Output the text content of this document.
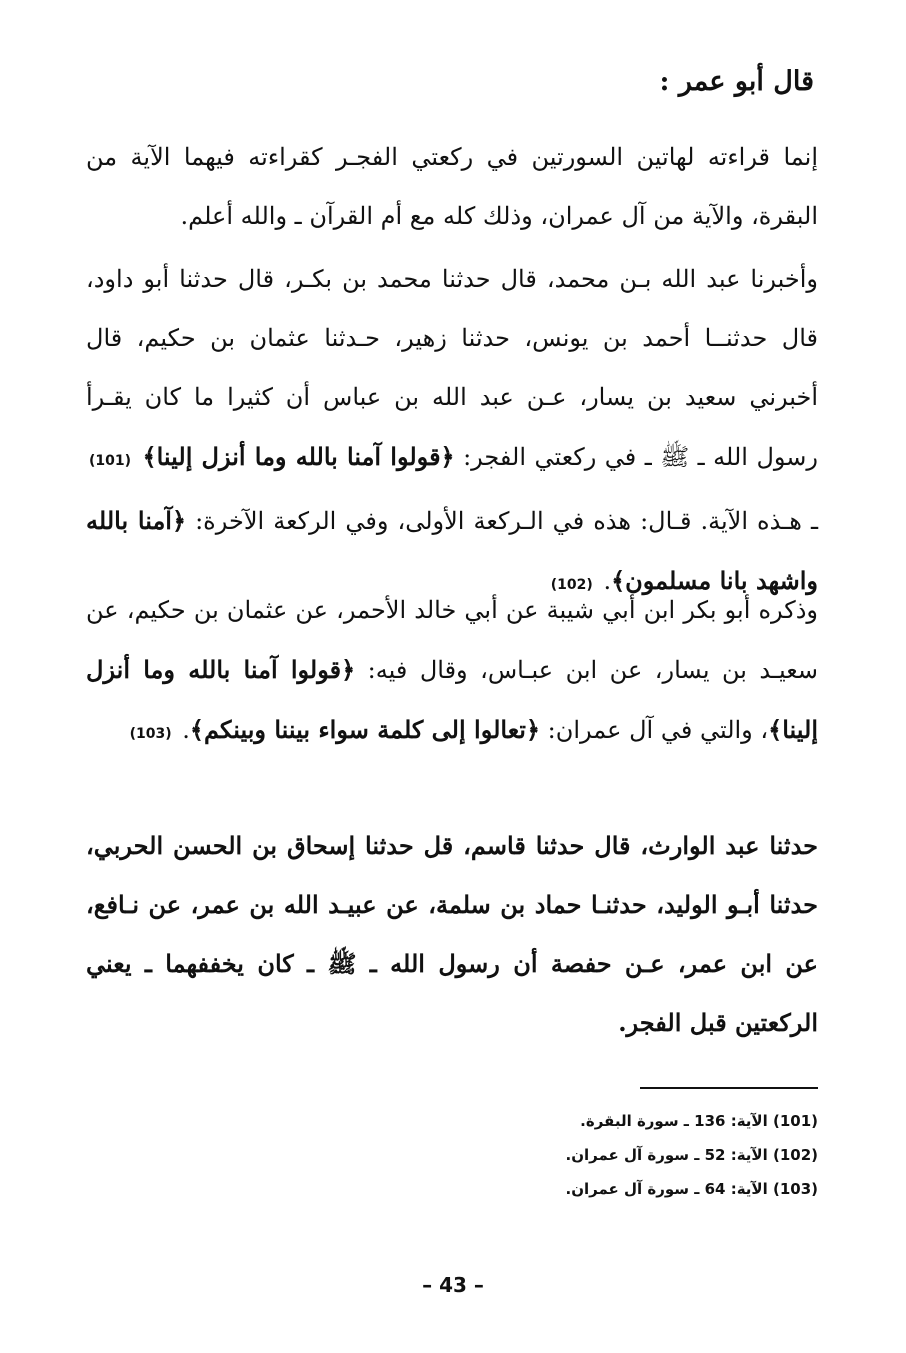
قال أبو عمر :

إنما قراءته لهاتين السورتين في ركعتي الفجـر كقراءته فيهما الآية من البقرة، والآية من آل عمران، وذلك كله مع أم القرآن ـ والله أعلم.

وأخبرنا عبد الله بـن محمد، قال حدثنا محمد بن بكـر، قال حدثنا أبو داود، قال حدثنــا أحمد بن يونس، حدثنا زهير، حـدثنا عثمان بن حكيم، قال أخبرني سعيد بن يسار، عـن عبد الله بن عباس أن كثيرا ما كان يقـرأ رسول الله ـ ﷺ ـ في ركعتي الفجر: ﴿قولوا آمنا بالله وما أنزل إلينا﴾ (101) ـ هـذه الآية. قـال: هذه في الـركعة الأولى، وفي الركعة الآخرة: ﴿آمنا بالله واشهد بانا مسلمون﴾. (102)

وذكره أبو بكر ابن أبي شيبة عن أبي خالد الأحمر، عن عثمان بن حكيم، عن سعيـد بن يسار، عن ابن عبـاس، وقال فيه: ﴿قولوا آمنا بالله وما أنزل إلينا﴾، والتي في آل عمران: ﴿تعالوا إلى كلمة سواء بيننا وبينكم﴾. (103)

حدثنا عبد الوارث، قال حدثنا قاسم، قل حدثنا إسحاق بن الحسن الحربي، حدثنا أبـو الوليد، حدثنـا حماد بن سلمة، عن عبيـد الله بن عمر، عن نـافع، عن ابن عمر، عـن حفصة أن رسول الله ـ ﷺ ـ كان يخففهما ـ يعني الركعتين قبل الفجر.

(101) الآية: 136 ـ سورة البقرة.
(102) الآية: 52 ـ سورة آل عمران.
(103) الآية: 64 ـ سورة آل عمران.
– 43 –
